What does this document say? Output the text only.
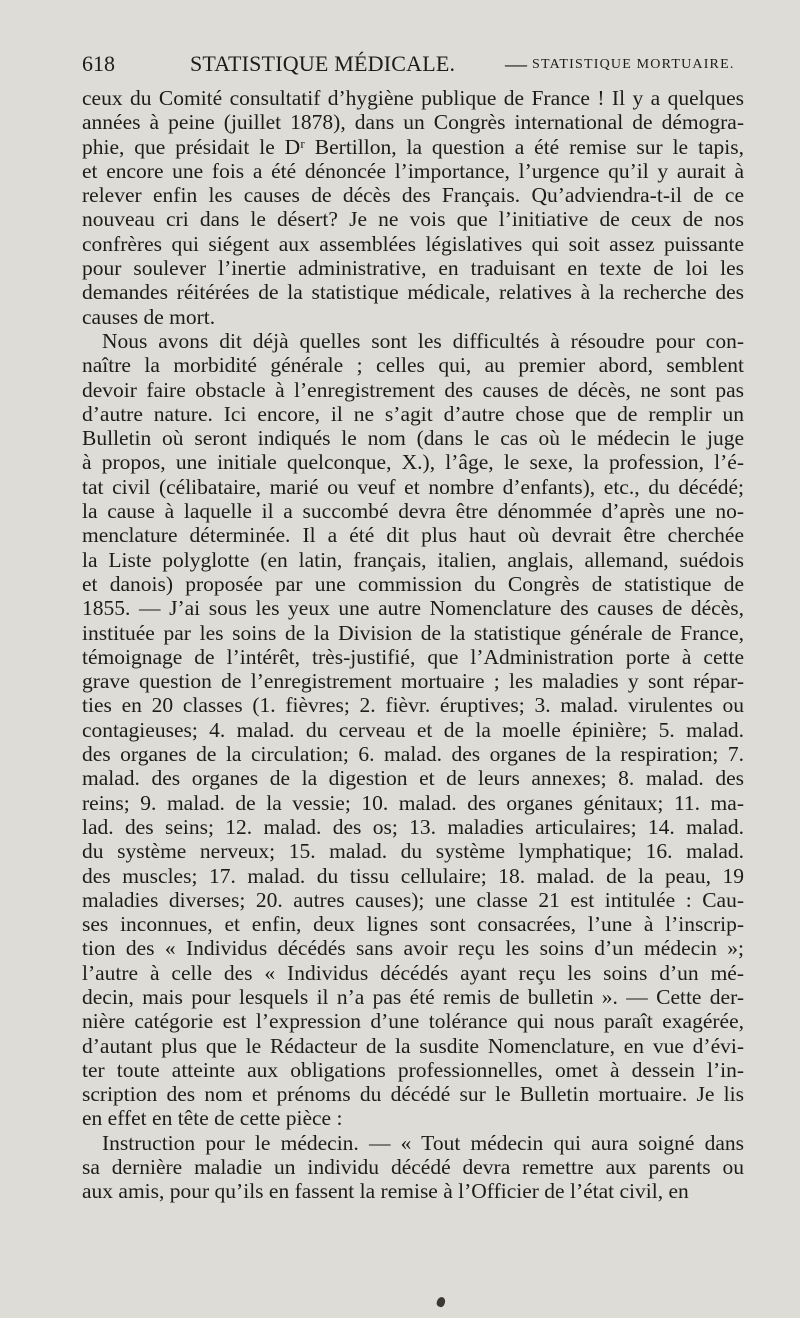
618	STATISTIQUE MÉDICALE. — STATISTIQUE MORTUAIRE.
ceux du Comité consultatif d’hygiène publique de France ! Il y a quelques
années à peine (juillet 1878), dans un Congrès international de démogra-
phie, que présidait le Dʳ Bertillon, la question a été remise sur le tapis,
et encore une fois a été dénoncée l’importance, l’urgence qu’il y aurait à
relever enfin les causes de décès des Français. Qu’adviendra-t-il de ce
nouveau cri dans le désert? Je ne vois que l’initiative de ceux de nos
confrères qui siégent aux assemblées législatives qui soit assez puissante
pour soulever l’inertie administrative, en traduisant en texte de loi les
demandes réitérées de la statistique médicale, relatives à la recherche des
causes de mort.
Nous avons dit déjà quelles sont les difficultés à résoudre pour con-
naître la morbidité générale ; celles qui, au premier abord, semblent
devoir faire obstacle à l’enregistrement des causes de décès, ne sont pas
d’autre nature. Ici encore, il ne s’agit d’autre chose que de remplir un
Bulletin où seront indiqués le nom (dans le cas où le médecin le juge
à propos, une initiale quelconque, X.), l’âge, le sexe, la profession, l’é-
tat civil (célibataire, marié ou veuf et nombre d’enfants), etc., du décédé;
la cause à laquelle il a succombé devra être dénommée d’après une no-
menclature déterminée. Il a été dit plus haut où devrait être cherchée
la Liste polyglotte (en latin, français, italien, anglais, allemand, suédois
et danois) proposée par une commission du Congrès de statistique de
1855. — J’ai sous les yeux une autre Nomenclature des causes de décès,
instituée par les soins de la Division de la statistique générale de France,
témoignage de l’intérêt, très-justifié, que l’Administration porte à cette
grave question de l’enregistrement mortuaire ; les maladies y sont répar-
ties en 20 classes (1. fièvres; 2. fièvr. éruptives; 3. malad. virulentes ou
contagieuses; 4. malad. du cerveau et de la moelle épinière; 5. malad.
des organes de la circulation; 6. malad. des organes de la respiration; 7.
malad. des organes de la digestion et de leurs annexes; 8. malad. des
reins; 9. malad. de la vessie; 10. malad. des organes génitaux; 11. ma-
lad. des seins; 12. malad. des os; 13. maladies articulaires; 14. malad.
du système nerveux; 15. malad. du système lymphatique; 16. malad.
des muscles; 17. malad. du tissu cellulaire; 18. malad. de la peau, 19
maladies diverses; 20. autres causes); une classe 21 est intitulée : Cau-
ses inconnues, et enfin, deux lignes sont consacrées, l’une à l’inscrip-
tion des « Individus décédés sans avoir reçu les soins d’un médecin »;
l’autre à celle des « Individus décédés ayant reçu les soins d’un mé-
decin, mais pour lesquels il n’a pas été remis de bulletin ». — Cette der-
nière catégorie est l’expression d’une tolérance qui nous paraît exagérée,
d’autant plus que le Rédacteur de la susdite Nomenclature, en vue d’évi-
ter toute atteinte aux obligations professionnelles, omet à dessein l’in-
scription des nom et prénoms du décédé sur le Bulletin mortuaire. Je lis
en effet en tête de cette pièce :
Instruction pour le médecin. — « Tout médecin qui aura soigné dans
sa dernière maladie un individu décédé devra remettre aux parents ou
aux amis, pour qu’ils en fassent la remise à l’Officier de l’état civil, en
